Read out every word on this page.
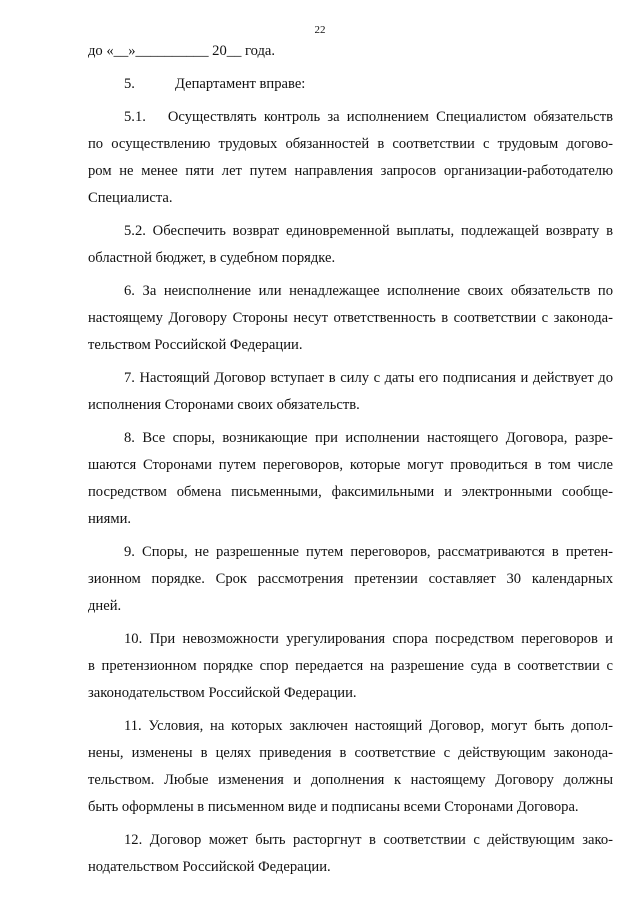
22
до «__»__________ 20__ года.
5.	Департамент вправе:
5.1. Осуществлять контроль за исполнением Специалистом обязательств
по осуществлению трудовых обязанностей в соответствии с трудовым догово-
ром не менее пяти лет путем направления запросов организации-работодателю
Специалиста.
5.2. Обеспечить возврат единовременной выплаты, подлежащей возврату в
областной бюджет, в судебном порядке.
6. За неисполнение или ненадлежащее исполнение своих обязательств по
настоящему Договору Стороны несут ответственность в соответствии с законода-
тельством Российской Федерации.
7. Настоящий Договор вступает в силу с даты его подписания и действует до
исполнения Сторонами своих обязательств.
8. Все споры, возникающие при исполнении настоящего Договора, разре-
шаются Сторонами путем переговоров, которые могут проводиться в том числе
посредством обмена письменными, факсимильными и электронными сообще-
ниями.
9. Споры, не разрешенные путем переговоров, рассматриваются в претен-
зионном порядке. Срок рассмотрения претензии составляет 30 календарных
дней.
10. При невозможности урегулирования спора посредством переговоров и
в претензионном порядке спор передается на разрешение суда в соответствии с
законодательством Российской Федерации.
11. Условия, на которых заключен настоящий Договор, могут быть допол-
нены, изменены в целях приведения в соответствие с действующим законода-
тельством. Любые изменения и дополнения к настоящему Договору должны
быть оформлены в письменном виде и подписаны всеми Сторонами Договора.
12. Договор может быть расторгнут в соответствии с действующим зако-
нодательством Российской Федерации.
